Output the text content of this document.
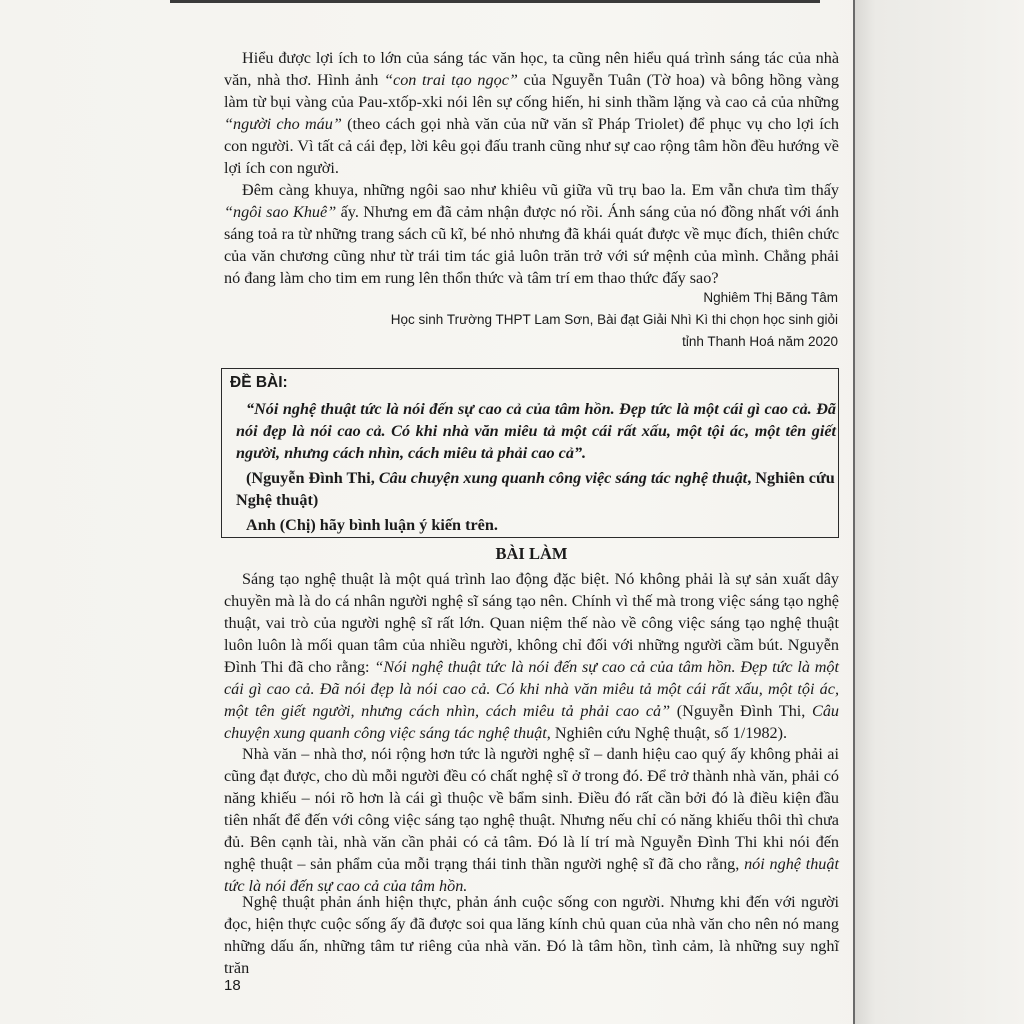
Hiểu được lợi ích to lớn của sáng tác văn học, ta cũng nên hiểu quá trình sáng tác của nhà văn, nhà thơ. Hình ảnh “con trai tạo ngọc” của Nguyễn Tuân (Tờ hoa) và bông hồng vàng làm từ bụi vàng của Pau-xtốp-xki nói lên sự cống hiến, hi sinh thầm lặng và cao cả của những “người cho máu” (theo cách gọi nhà văn của nữ văn sĩ Pháp Triolet) để phục vụ cho lợi ích con người. Vì tất cả cái đẹp, lời kêu gọi đấu tranh cũng như sự cao rộng tâm hồn đều hướng về lợi ích con người.

Đêm càng khuya, những ngôi sao như khiêu vũ giữa vũ trụ bao la. Em vẫn chưa tìm thấy “ngôi sao Khuê” ấy. Nhưng em đã cảm nhận được nó rồi. Ánh sáng của nó đồng nhất với ánh sáng toả ra từ những trang sách cũ kĩ, bé nhỏ nhưng đã khái quát được về mục đích, thiên chức của văn chương cũng như từ trái tim tác giả luôn trăn trở với sứ mệnh của mình. Chẳng phải nó đang làm cho tim em rung lên thổn thức và tâm trí em thao thức đấy sao?

Nghiêm Thị Băng Tâm

Học sinh Trường THPT Lam Sơn, Bài đạt Giải Nhì Kì thi chọn học sinh giỏi

tỉnh Thanh Hoá năm 2020

ĐỀ BÀI:

“Nói nghệ thuật tức là nói đến sự cao cả của tâm hồn. Đẹp tức là một cái gì cao cả. Đã nói đẹp là nói cao cả. Có khi nhà văn miêu tả một cái rất xấu, một tội ác, một tên giết người, nhưng cách nhìn, cách miêu tả phải cao cả”.

(Nguyễn Đình Thi, Câu chuyện xung quanh công việc sáng tác nghệ thuật, Nghiên cứu Nghệ thuật)

Anh (Chị) hãy bình luận ý kiến trên.

BÀI LÀM

Sáng tạo nghệ thuật là một quá trình lao động đặc biệt. Nó không phải là sự sản xuất dây chuyền mà là do cá nhân người nghệ sĩ sáng tạo nên. Chính vì thế mà trong việc sáng tạo nghệ thuật, vai trò của người nghệ sĩ rất lớn. Quan niệm thế nào về công việc sáng tạo nghệ thuật luôn luôn là mối quan tâm của nhiều người, không chỉ đối với những người cầm bút. Nguyễn Đình Thi đã cho rằng: “Nói nghệ thuật tức là nói đến sự cao cả của tâm hồn. Đẹp tức là một cái gì cao cả. Đã nói đẹp là nói cao cả. Có khi nhà văn miêu tả một cái rất xấu, một tội ác, một tên giết người, nhưng cách nhìn, cách miêu tả phải cao cả” (Nguyễn Đình Thi, Câu chuyện xung quanh công việc sáng tác nghệ thuật, Nghiên cứu Nghệ thuật, số 1/1982).

Nhà văn – nhà thơ, nói rộng hơn tức là người nghệ sĩ – danh hiệu cao quý ấy không phải ai cũng đạt được, cho dù mỗi người đều có chất nghệ sĩ ở trong đó. Để trở thành nhà văn, phải có năng khiếu – nói rõ hơn là cái gì thuộc về bẩm sinh. Điều đó rất cần bởi đó là điều kiện đầu tiên nhất để đến với công việc sáng tạo nghệ thuật. Nhưng nếu chỉ có năng khiếu thôi thì chưa đủ. Bên cạnh tài, nhà văn cần phải có cả tâm. Đó là lí trí mà Nguyễn Đình Thi khi nói đến nghệ thuật – sản phẩm của mỗi trạng thái tinh thần người nghệ sĩ đã cho rằng, nói nghệ thuật tức là nói đến sự cao cả của tâm hồn.

Nghệ thuật phản ánh hiện thực, phản ánh cuộc sống con người. Nhưng khi đến với người đọc, hiện thực cuộc sống ấy đã được soi qua lăng kính chủ quan của nhà văn cho nên nó mang những dấu ấn, những tâm tư riêng của nhà văn. Đó là tâm hồn, tình cảm, là những suy nghĩ trăn

18
